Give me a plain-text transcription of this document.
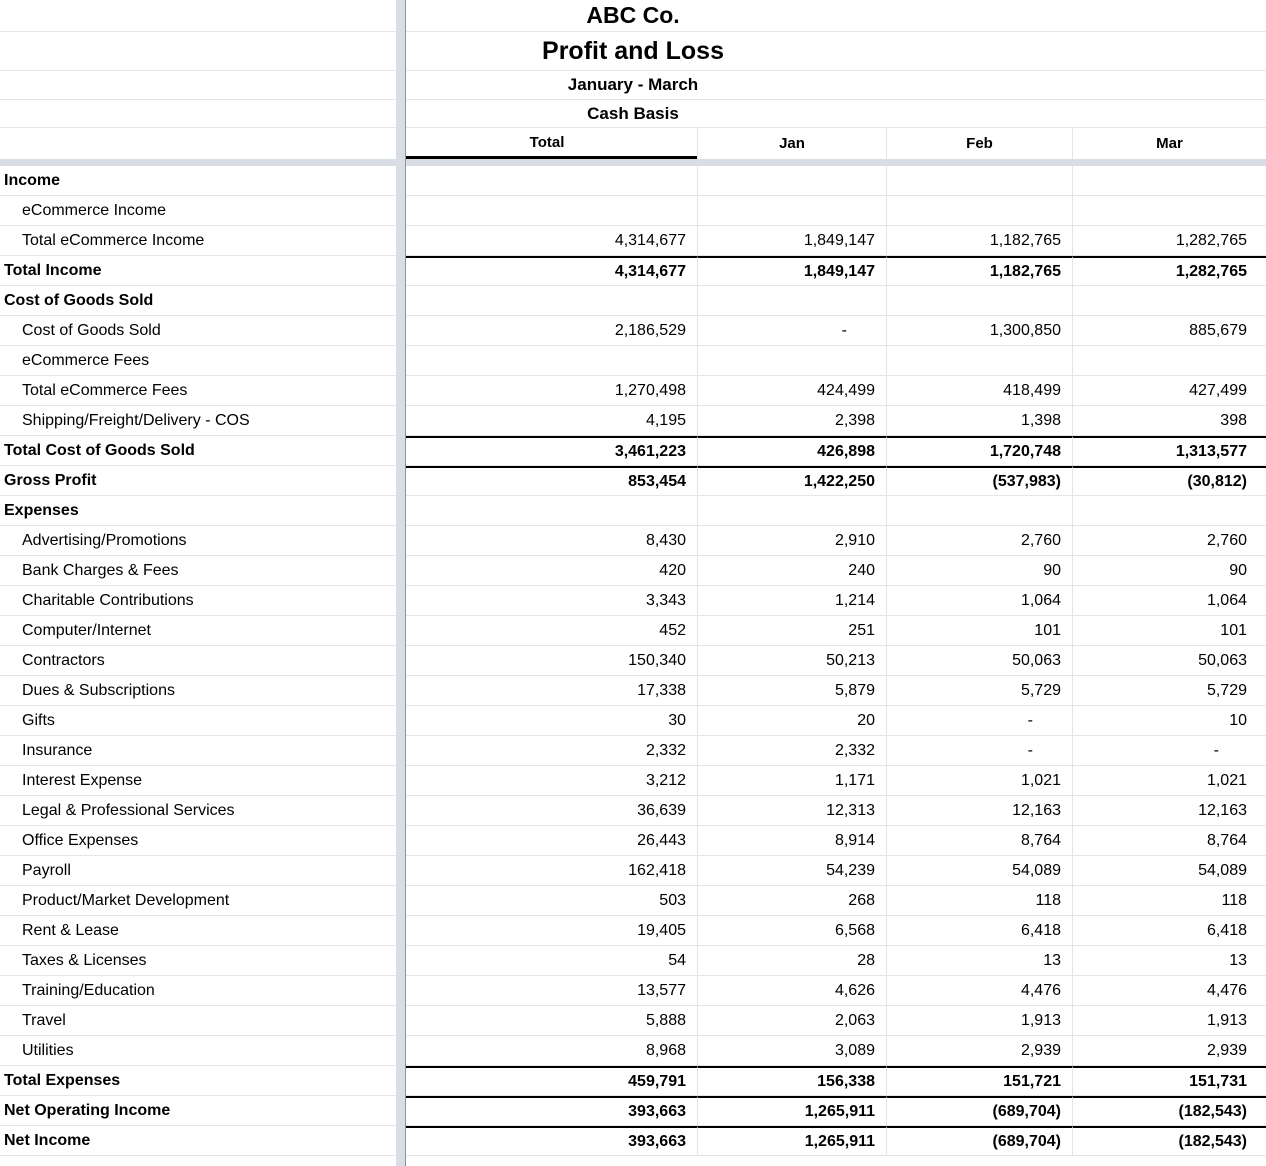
ABC Co.
Profit and Loss
January - March
Cash Basis
Total	Jan	Feb	Mar
Income
eCommerce Income
Total eCommerce Income	4,314,677	1,849,147	1,182,765	1,282,765
Total Income	4,314,677	1,849,147	1,182,765	1,282,765
Cost of Goods Sold
Cost of Goods Sold	2,186,529	-	1,300,850	885,679
eCommerce Fees
Total eCommerce Fees	1,270,498	424,499	418,499	427,499
Shipping/Freight/Delivery - COS	4,195	2,398	1,398	398
Total Cost of Goods Sold	3,461,223	426,898	1,720,748	1,313,577
Gross Profit	853,454	1,422,250	(537,983)	(30,812)
Expenses
Advertising/Promotions	8,430	2,910	2,760	2,760
Bank Charges & Fees	420	240	90	90
Charitable Contributions	3,343	1,214	1,064	1,064
Computer/Internet	452	251	101	101
Contractors	150,340	50,213	50,063	50,063
Dues & Subscriptions	17,338	5,879	5,729	5,729
Gifts	30	20	-	10
Insurance	2,332	2,332	-	-
Interest Expense	3,212	1,171	1,021	1,021
Legal & Professional Services	36,639	12,313	12,163	12,163
Office Expenses	26,443	8,914	8,764	8,764
Payroll	162,418	54,239	54,089	54,089
Product/Market Development	503	268	118	118
Rent & Lease	19,405	6,568	6,418	6,418
Taxes & Licenses	54	28	13	13
Training/Education	13,577	4,626	4,476	4,476
Travel	5,888	2,063	1,913	1,913
Utilities	8,968	3,089	2,939	2,939
Total Expenses	459,791	156,338	151,721	151,731
Net Operating Income	393,663	1,265,911	(689,704)	(182,543)
Net Income	393,663	1,265,911	(689,704)	(182,543)
